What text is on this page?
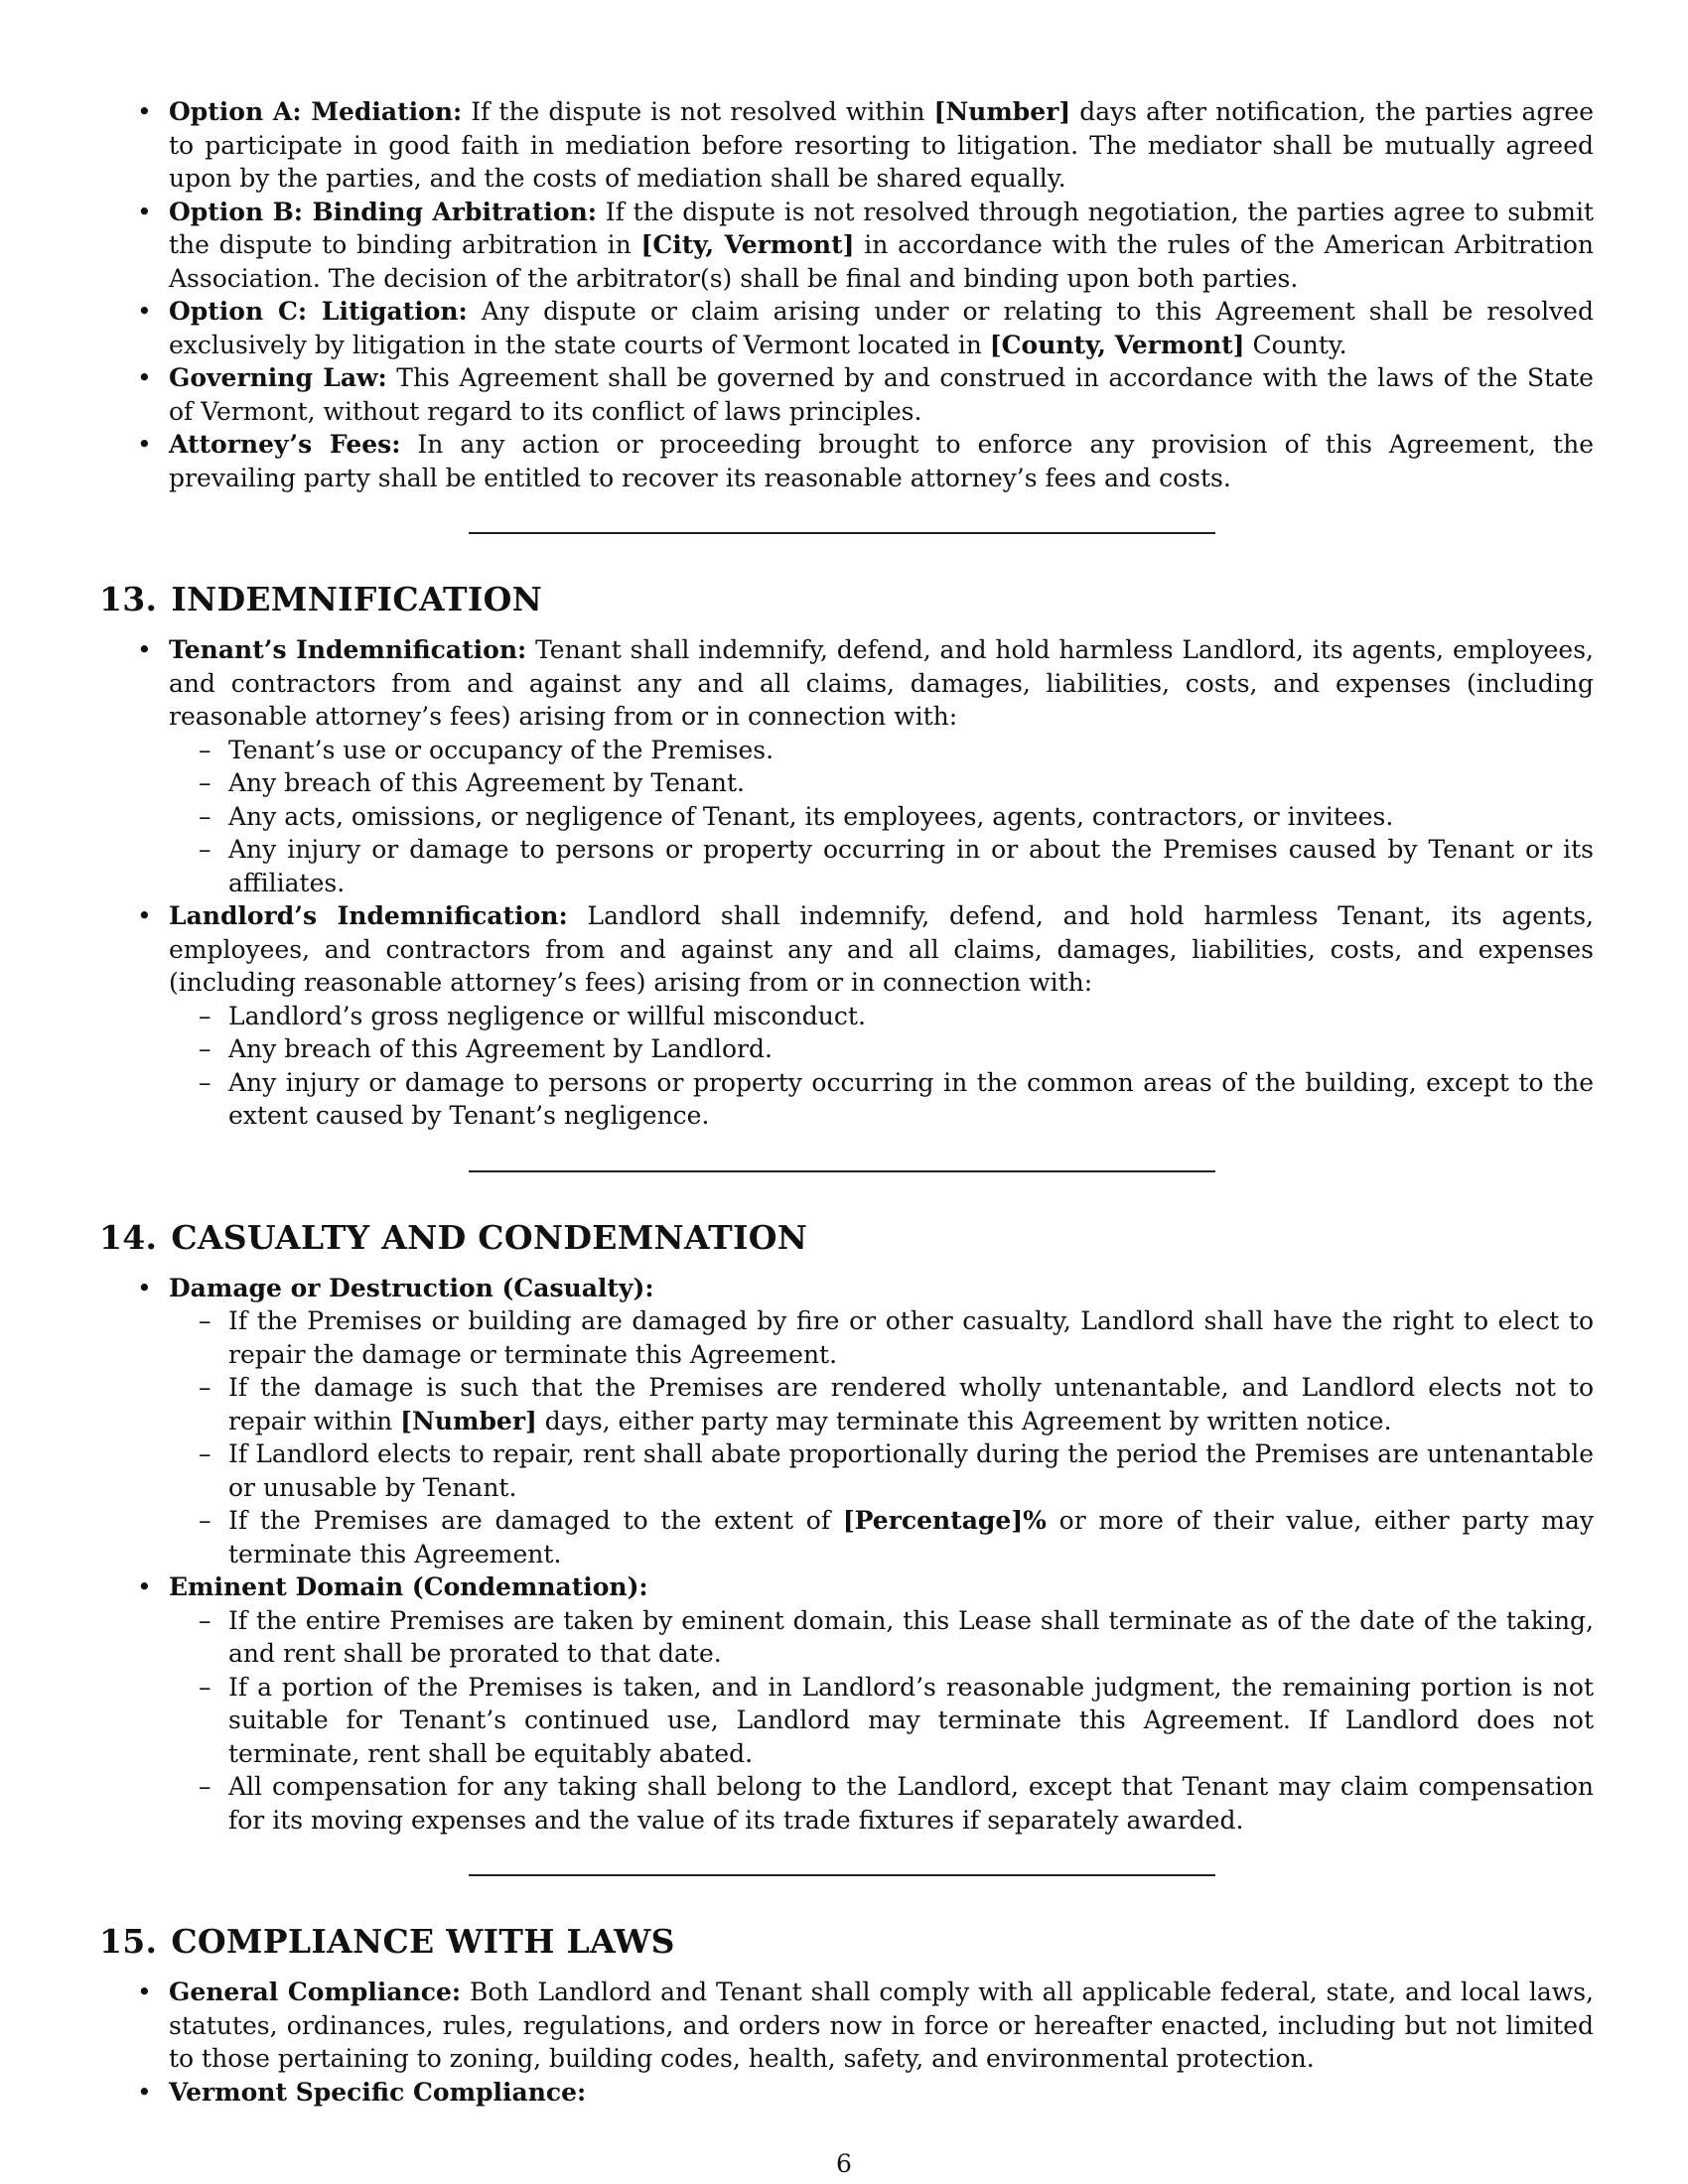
• Option A: Mediation: If the dispute is not resolved within [Number] days after notification, the parties agree to participate in good faith in mediation before resorting to litigation. The mediator shall be mutually agreed upon by the parties, and the costs of mediation shall be shared equally.
• Option B: Binding Arbitration: If the dispute is not resolved through negotiation, the parties agree to submit the dispute to binding arbitration in [City, Vermont] in accordance with the rules of the American Arbitration Association. The decision of the arbitrator(s) shall be final and binding upon both parties.
• Option C: Litigation: Any dispute or claim arising under or relating to this Agreement shall be resolved exclusively by litigation in the state courts of Vermont located in [County, Vermont] County.
• Governing Law: This Agreement shall be governed by and construed in accordance with the laws of the State of Vermont, without regard to its conflict of laws principles.
• Attorney’s Fees: In any action or proceeding brought to enforce any provision of this Agreement, the prevailing party shall be entitled to recover its reasonable attorney’s fees and costs.
13. INDEMNIFICATION
• Tenant’s Indemnification: Tenant shall indemnify, defend, and hold harmless Landlord, its agents, employees, and contractors from and against any and all claims, damages, liabilities, costs, and expenses (including reasonable attorney’s fees) arising from or in connection with:
– Tenant’s use or occupancy of the Premises.
– Any breach of this Agreement by Tenant.
– Any acts, omissions, or negligence of Tenant, its employees, agents, contractors, or invitees.
– Any injury or damage to persons or property occurring in or about the Premises caused by Tenant or its affiliates.
• Landlord’s Indemnification: Landlord shall indemnify, defend, and hold harmless Tenant, its agents, employees, and contractors from and against any and all claims, damages, liabilities, costs, and expenses (including reasonable attorney’s fees) arising from or in connection with:
– Landlord’s gross negligence or willful misconduct.
– Any breach of this Agreement by Landlord.
– Any injury or damage to persons or property occurring in the common areas of the building, except to the extent caused by Tenant’s negligence.
14. CASUALTY AND CONDEMNATION
• Damage or Destruction (Casualty):
– If the Premises or building are damaged by fire or other casualty, Landlord shall have the right to elect to repair the damage or terminate this Agreement.
– If the damage is such that the Premises are rendered wholly untenantable, and Landlord elects not to repair within [Number] days, either party may terminate this Agreement by written notice.
– If Landlord elects to repair, rent shall abate proportionally during the period the Premises are untenantable or unusable by Tenant.
– If the Premises are damaged to the extent of [Percentage]% or more of their value, either party may terminate this Agreement.
• Eminent Domain (Condemnation):
– If the entire Premises are taken by eminent domain, this Lease shall terminate as of the date of the taking, and rent shall be prorated to that date.
– If a portion of the Premises is taken, and in Landlord’s reasonable judgment, the remaining portion is not suitable for Tenant’s continued use, Landlord may terminate this Agreement. If Landlord does not terminate, rent shall be equitably abated.
– All compensation for any taking shall belong to the Landlord, except that Tenant may claim compensation for its moving expenses and the value of its trade fixtures if separately awarded.
15. COMPLIANCE WITH LAWS
• General Compliance: Both Landlord and Tenant shall comply with all applicable federal, state, and local laws, statutes, ordinances, rules, regulations, and orders now in force or hereafter enacted, including but not limited to those pertaining to zoning, building codes, health, safety, and environmental protection.
• Vermont Specific Compliance:
6
